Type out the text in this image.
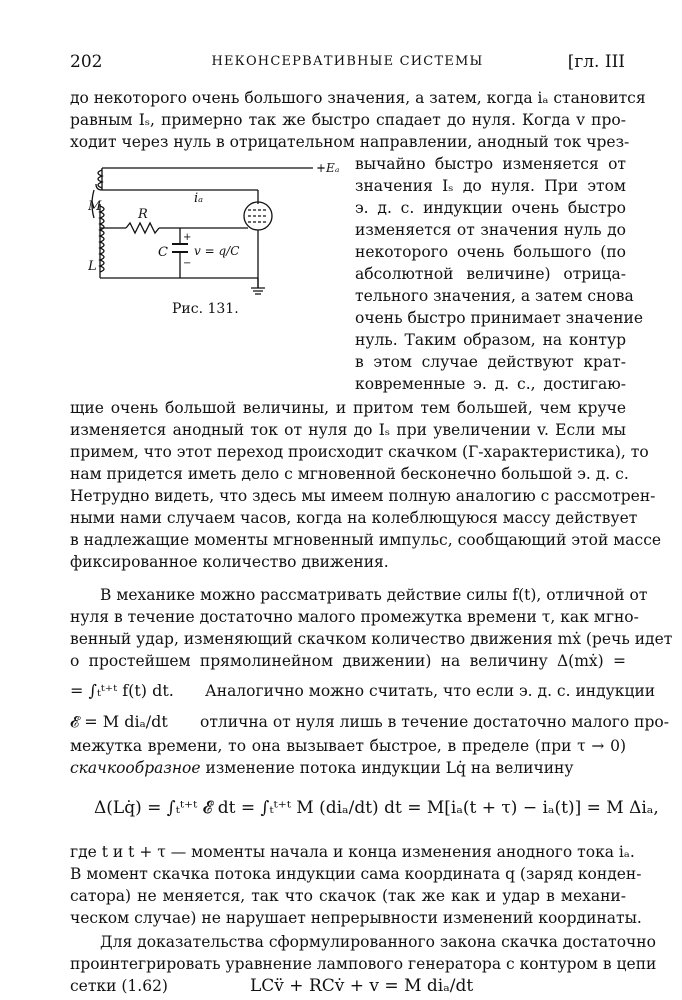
202	НЕКОНСЕРВАТИВНЫЕ СИСТЕМЫ	[гл. III
до некоторого очень большого значения, а затем, когда iₐ становится
равным Iₛ, примерно так же быстро спадает до нуля. Когда v про-
ходит через нуль в отрицательном направлении, анодный ток чрез-
вычайно быстро изменяется от
значения Iₛ до нуля. При этом
э. д. с. индукции очень быстро
изменяется от значения нуль до
некоторого очень большого (по
абсолютной величине) отрица-
тельного значения, а затем снова
очень быстро принимает значение
нуль. Таким образом, на контур
в этом случае действуют крат-
ковременные э. д. с., достигаю-
+Eₐ
M
L
R
iₐ
C v = q/C
+
−
Рис. 131.
щие очень большой величины, и притом тем большей, чем круче
изменяется анодный ток от нуля до Iₛ при увеличении v. Если мы
примем, что этот переход происходит скачком (Г-характеристика), то
нам придется иметь дело с мгновенной бесконечно большой э. д. с.
Нетрудно видеть, что здесь мы имеем полную аналогию с рассмотрен-
ными нами случаем часов, когда на колеблющуюся массу действует
в надлежащие моменты мгновенный импульс, сообщающий этой массе
фиксированное количество движения.
В механике можно рассматривать действие силы f(t), отличной от
нуля в течение достаточно малого промежутка времени τ, как мгно-
венный удар, изменяющий скачком количество движения mẋ (речь идет
о простейшем прямолинейном движении) на величину Δ(mẋ) =
= ∫ₜᵗ⁺ᵗ f(t) dt. Аналогично можно считать, что если э. д. с. индукции
𝓔 = M diₐ/dt отлична от нуля лишь в течение достаточно малого про-
межутка времени, то она вызывает быстрое, в пределе (при τ → 0)
скачкообразное изменение потока индукции Lq̇ на величину
Δ(Lq̇) = ∫ₜᵗ⁺ᵗ 𝓔 dt = ∫ₜᵗ⁺ᵗ M (diₐ/dt) dt = M[iₐ(t + τ) − iₐ(t)] = M Δiₐ,
где t и t + τ — моменты начала и конца изменения анодного тока iₐ.
В момент скачка потока индукции сама координата q (заряд конден-
сатора) не меняется, так что скачок (так же как и удар в механи-
ческом случае) не нарушает непрерывности изменений координаты.
Для доказательства сформулированного закона скачка достаточно
проинтегрировать уравнение лампового генератора с контуром в цепи
сетки (1.62)	LCv̈ + RCv̇ + v = M diₐ/dt
